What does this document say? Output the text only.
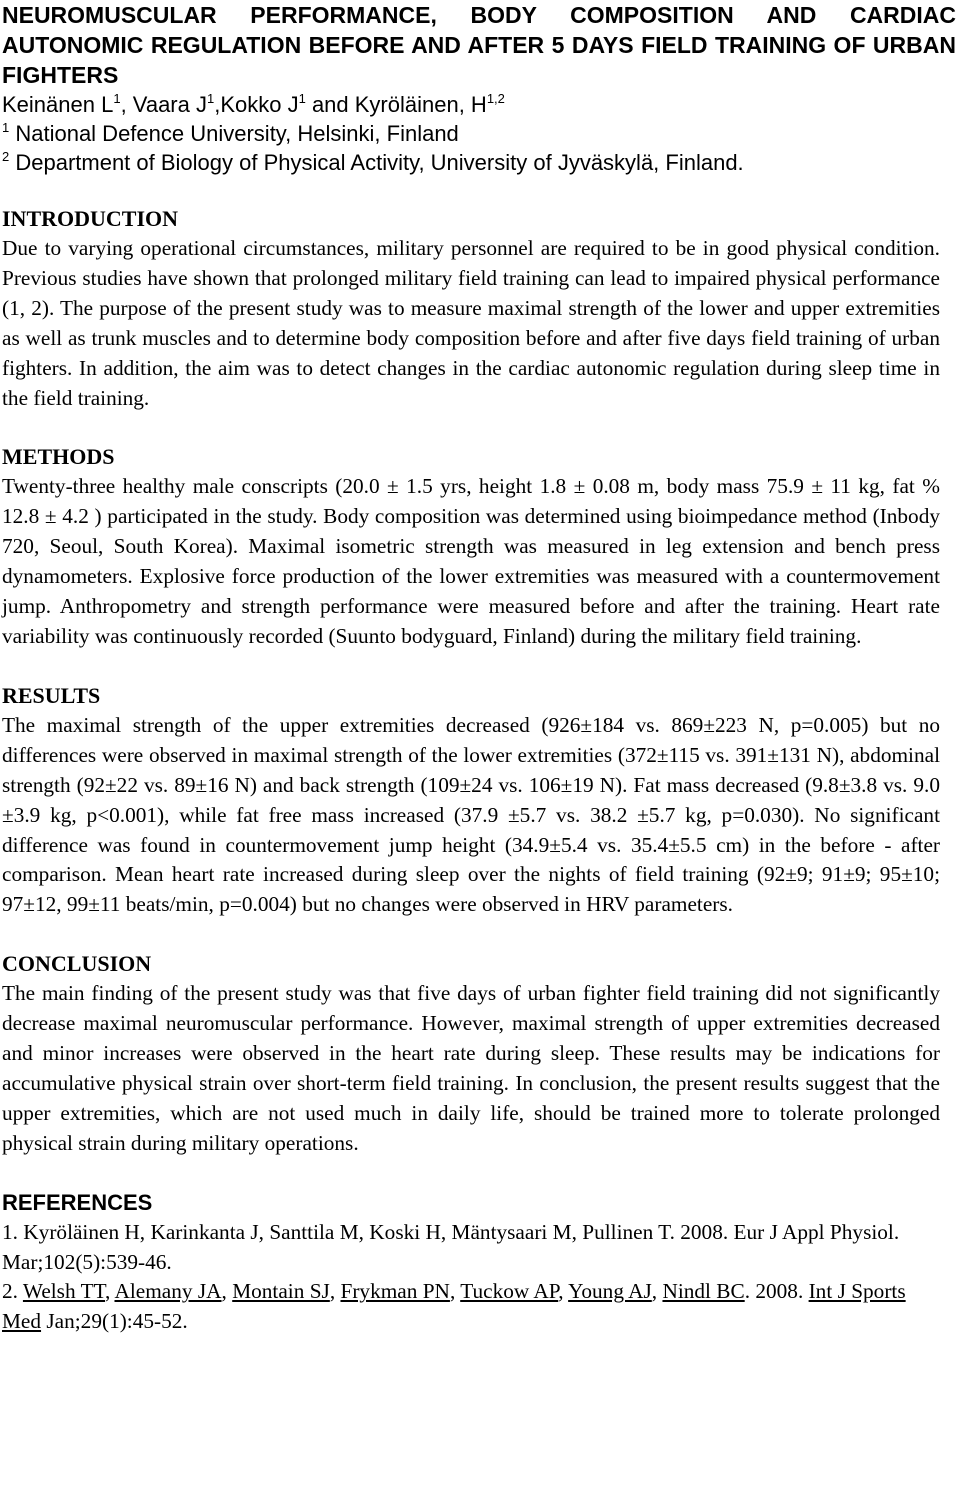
NEUROMUSCULAR PERFORMANCE, BODY COMPOSITION AND CARDIAC AUTONOMIC REGULATION BEFORE AND AFTER 5 DAYS FIELD TRAINING OF URBAN FIGHTERS

Keinänen $L^1$, Vaara $J^1,Kokko$ $J^1$ and Kyröläinen, H$^{1,2}$

$^1$ National Defence University, Helsinki, Finland

$^2$ Department of Biology of Physical Activity, University of Jyväskylä, Finland.

INTRODUCTION

Due to varying operational circumstances, military personnel are required to be in good physical condition. Previous studies have shown that prolonged military field training can lead to impaired physical performance (1, 2). The purpose of the present study was to measure maximal strength of the lower and upper extremities as well as trunk muscles and to determine body composition before and after five days field training of urban fighters. In addition, the aim was to detect changes in the cardiac autonomic regulation during sleep time in the field training.

METHODS

Twenty-three healthy male conscripts (20.0 ± 1.5 yrs, height 1.8 ± 0.08 m, body mass 75.9 ± 11 kg, fat % 12.8 ± 4.2 ) participated in the study. Body composition was determined using bioimpedance method (Inbody 720, Seoul, South Korea). Maximal isometric strength was measured in leg extension and bench press dynamometers. Explosive force production of the lower extremities was measured with a countermovement jump. Anthropometry and strength performance were measured before and after the training. Heart rate variability was continuously recorded (Suunto bodyguard, Finland) during the military field training.

RESULTS

The maximal strength of the upper extremities decreased (926±184 vs. 869±223 N, p=0.005) but no differences were observed in maximal strength of the lower extremities (372±115 vs. 391±131 N), abdominal strength (92±22 vs. 89±16 N) and back strength (109±24 vs. 106±19 N). Fat mass decreased (9.8±3.8 vs. 9.0 ±3.9 kg, p<0.001), while fat free mass increased (37.9 ±5.7 vs. 38.2 ±5.7 kg, p=0.030). No significant difference was found in countermovement jump height (34.9±5.4 vs. 35.4±5.5 cm) in the before - after comparison. Mean heart rate increased during sleep over the nights of field training (92±9; 91±9; 95±10; 97±12, 99±11 beats/min, p=0.004) but no changes were observed in HRV parameters.

CONCLUSION

The main finding of the present study was that five days of urban fighter field training did not significantly decrease maximal neuromuscular performance. However, maximal strength of upper extremities decreased and minor increases were observed in the heart rate during sleep. These results may be indications for accumulative physical strain over short-term field training. In conclusion, the present results suggest that the upper extremities, which are not used much in daily life, should be trained more to tolerate prolonged physical strain during military operations.

REFERENCES

1. Kyröläinen H, Karinkanta J, Santtila M, Koski H, Mäntysaari M, Pullinen T. 2008. Eur J Appl Physiol. Mar;102(5):539-46.

2. Welsh TT, Alemany JA, Montain SJ, Frykman PN, Tuckow AP, Young AJ, Nindl BC. 2008. Int J Sports Med Jan;29(1):45-52.
